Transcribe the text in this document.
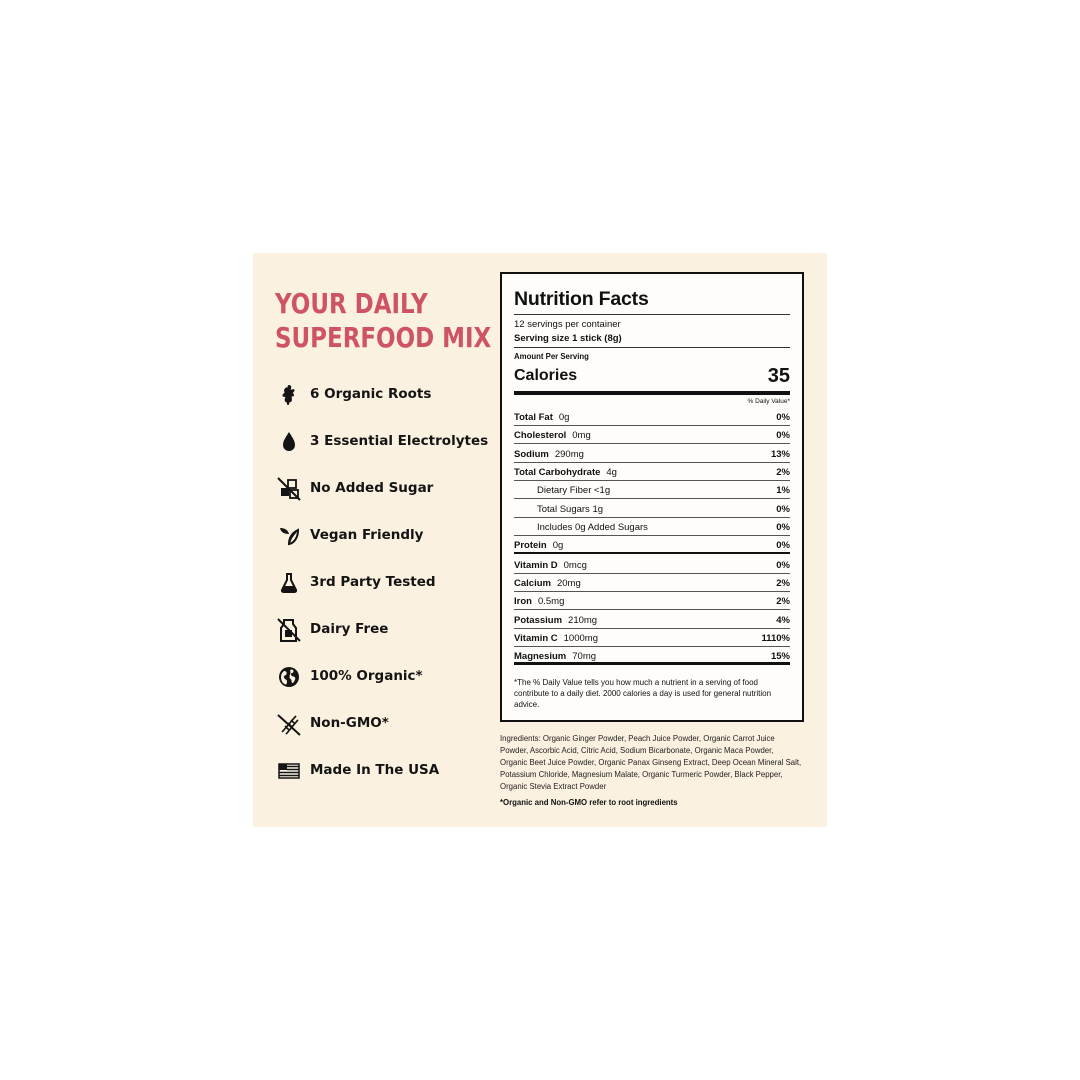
YOUR DAILY
SUPERFOOD MIX
6 Organic Roots
3 Essential Electrolytes
No Added Sugar
Vegan Friendly
3rd Party Tested
Dairy Free
100% Organic*
Non-GMO*
Made In The USA
Nutrition Facts
12 servings per container
Serving size 1 stick (8g)
Amount Per Serving
Calories	35
% Daily Value*
Total Fat 0g	0%
Cholesterol 0mg	0%
Sodium 290mg	13%
Total Carbohydrate 4g	2%
Dietary Fiber <1g	1%
Total Sugars 1g	0%
Includes 0g Added Sugars	0%
Protein 0g	0%
Vitamin D 0mcg	0%
Calcium 20mg	2%
Iron 0.5mg	2%
Potassium 210mg	4%
Vitamin C 1000mg	1110%
Magnesium 70mg	15%
*The % Daily Value tells you how much a nutrient in a serving of food contribute to a daily diet. 2000 calories a day is used for general nutrition advice.
Ingredients: Organic Ginger Powder, Peach Juice Powder, Organic Carrot Juice Powder, Ascorbic Acid, Citric Acid, Sodium Bicarbonate, Organic Maca Powder, Organic Beet Juice Powder, Organic Panax Ginseng Extract, Deep Ocean Mineral Salt, Potassium Chloride, Magnesium Malate, Organic Turmeric Powder, Black Pepper, Organic Stevia Extract Powder
*Organic and Non-GMO refer to root ingredients
